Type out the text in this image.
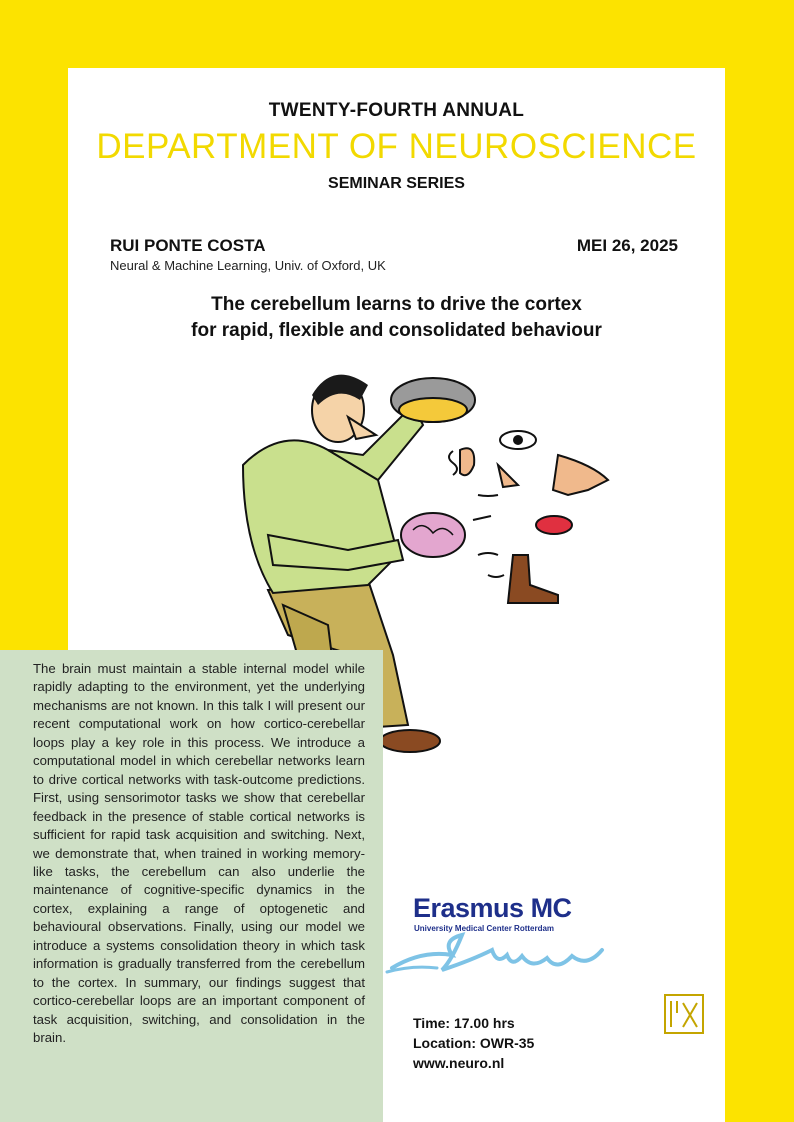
TWENTY-FOURTH ANNUAL
DEPARTMENT OF NEUROSCIENCE
SEMINAR SERIES
RUI PONTE COSTA
Neural & Machine Learning, Univ. of Oxford, UK
MEI 26, 2025
The cerebellum learns to drive the cortex
for rapid, flexible and consolidated behaviour
The brain must maintain a stable internal model while rapidly adapting to the environment, yet the underlying mechanisms are not known. In this talk I will present our recent computational work on how cortico-cerebellar loops play a key role in this process. We introduce a computational model in which cerebellar networks learn to drive cortical networks with task-outcome predictions. First, using sensorimotor tasks we show that cerebellar feedback in the presence of stable cortical networks is sufficient for rapid task acquisition and switching. Next, we demonstrate that, when trained in working memory-like tasks, the cerebellum can also underlie the maintenance of cognitive-specific dynamics in the cortex, explaining a range of optogenetic and behavioural observations. Finally, using our model we introduce a systems consolidation theory in which task information is gradually transferred from the cerebellum to the cortex. In summary, our findings suggest that cortico-cerebellar loops are an important component of task acquisition, switching, and consolidation in the brain.
Erasmus MC
University Medical Center Rotterdam
Time: 17.00 hrs
Location: OWR-35
www.neuro.nl
